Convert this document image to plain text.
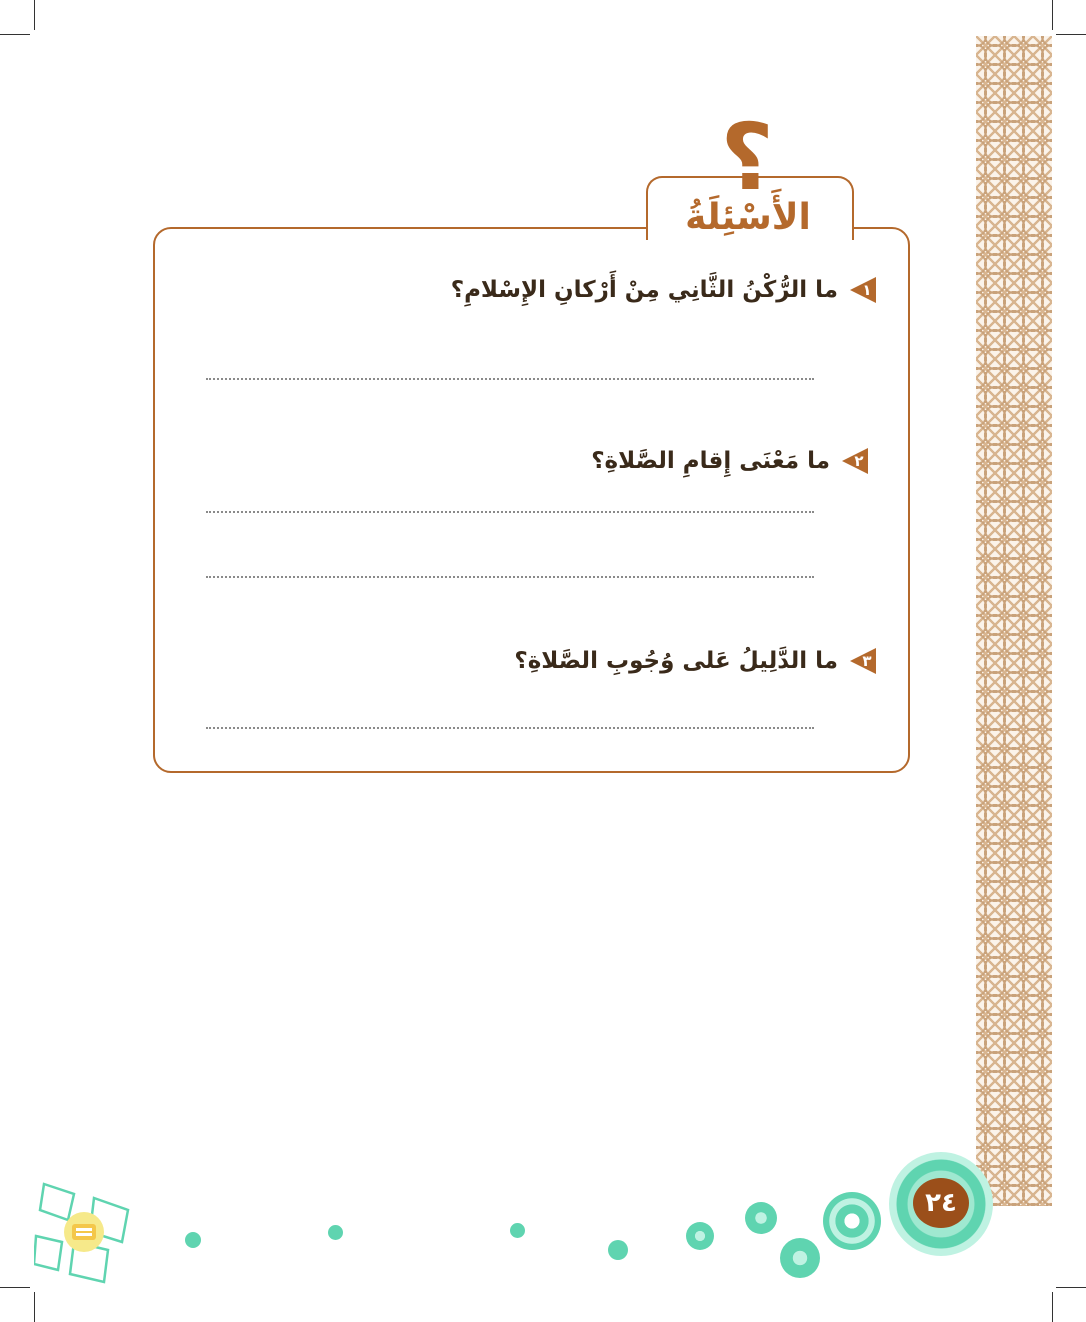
؟
الأَسْئِلَةُ
١
ما الرُّكْنُ الثَّانِي مِنْ أَرْكانِ الإِسْلامِ؟
٢
ما مَعْنَى إِقامِ الصَّلاةِ؟
٣
ما الدَّلِيلُ عَلى وُجُوبِ الصَّلاةِ؟
٢٤
